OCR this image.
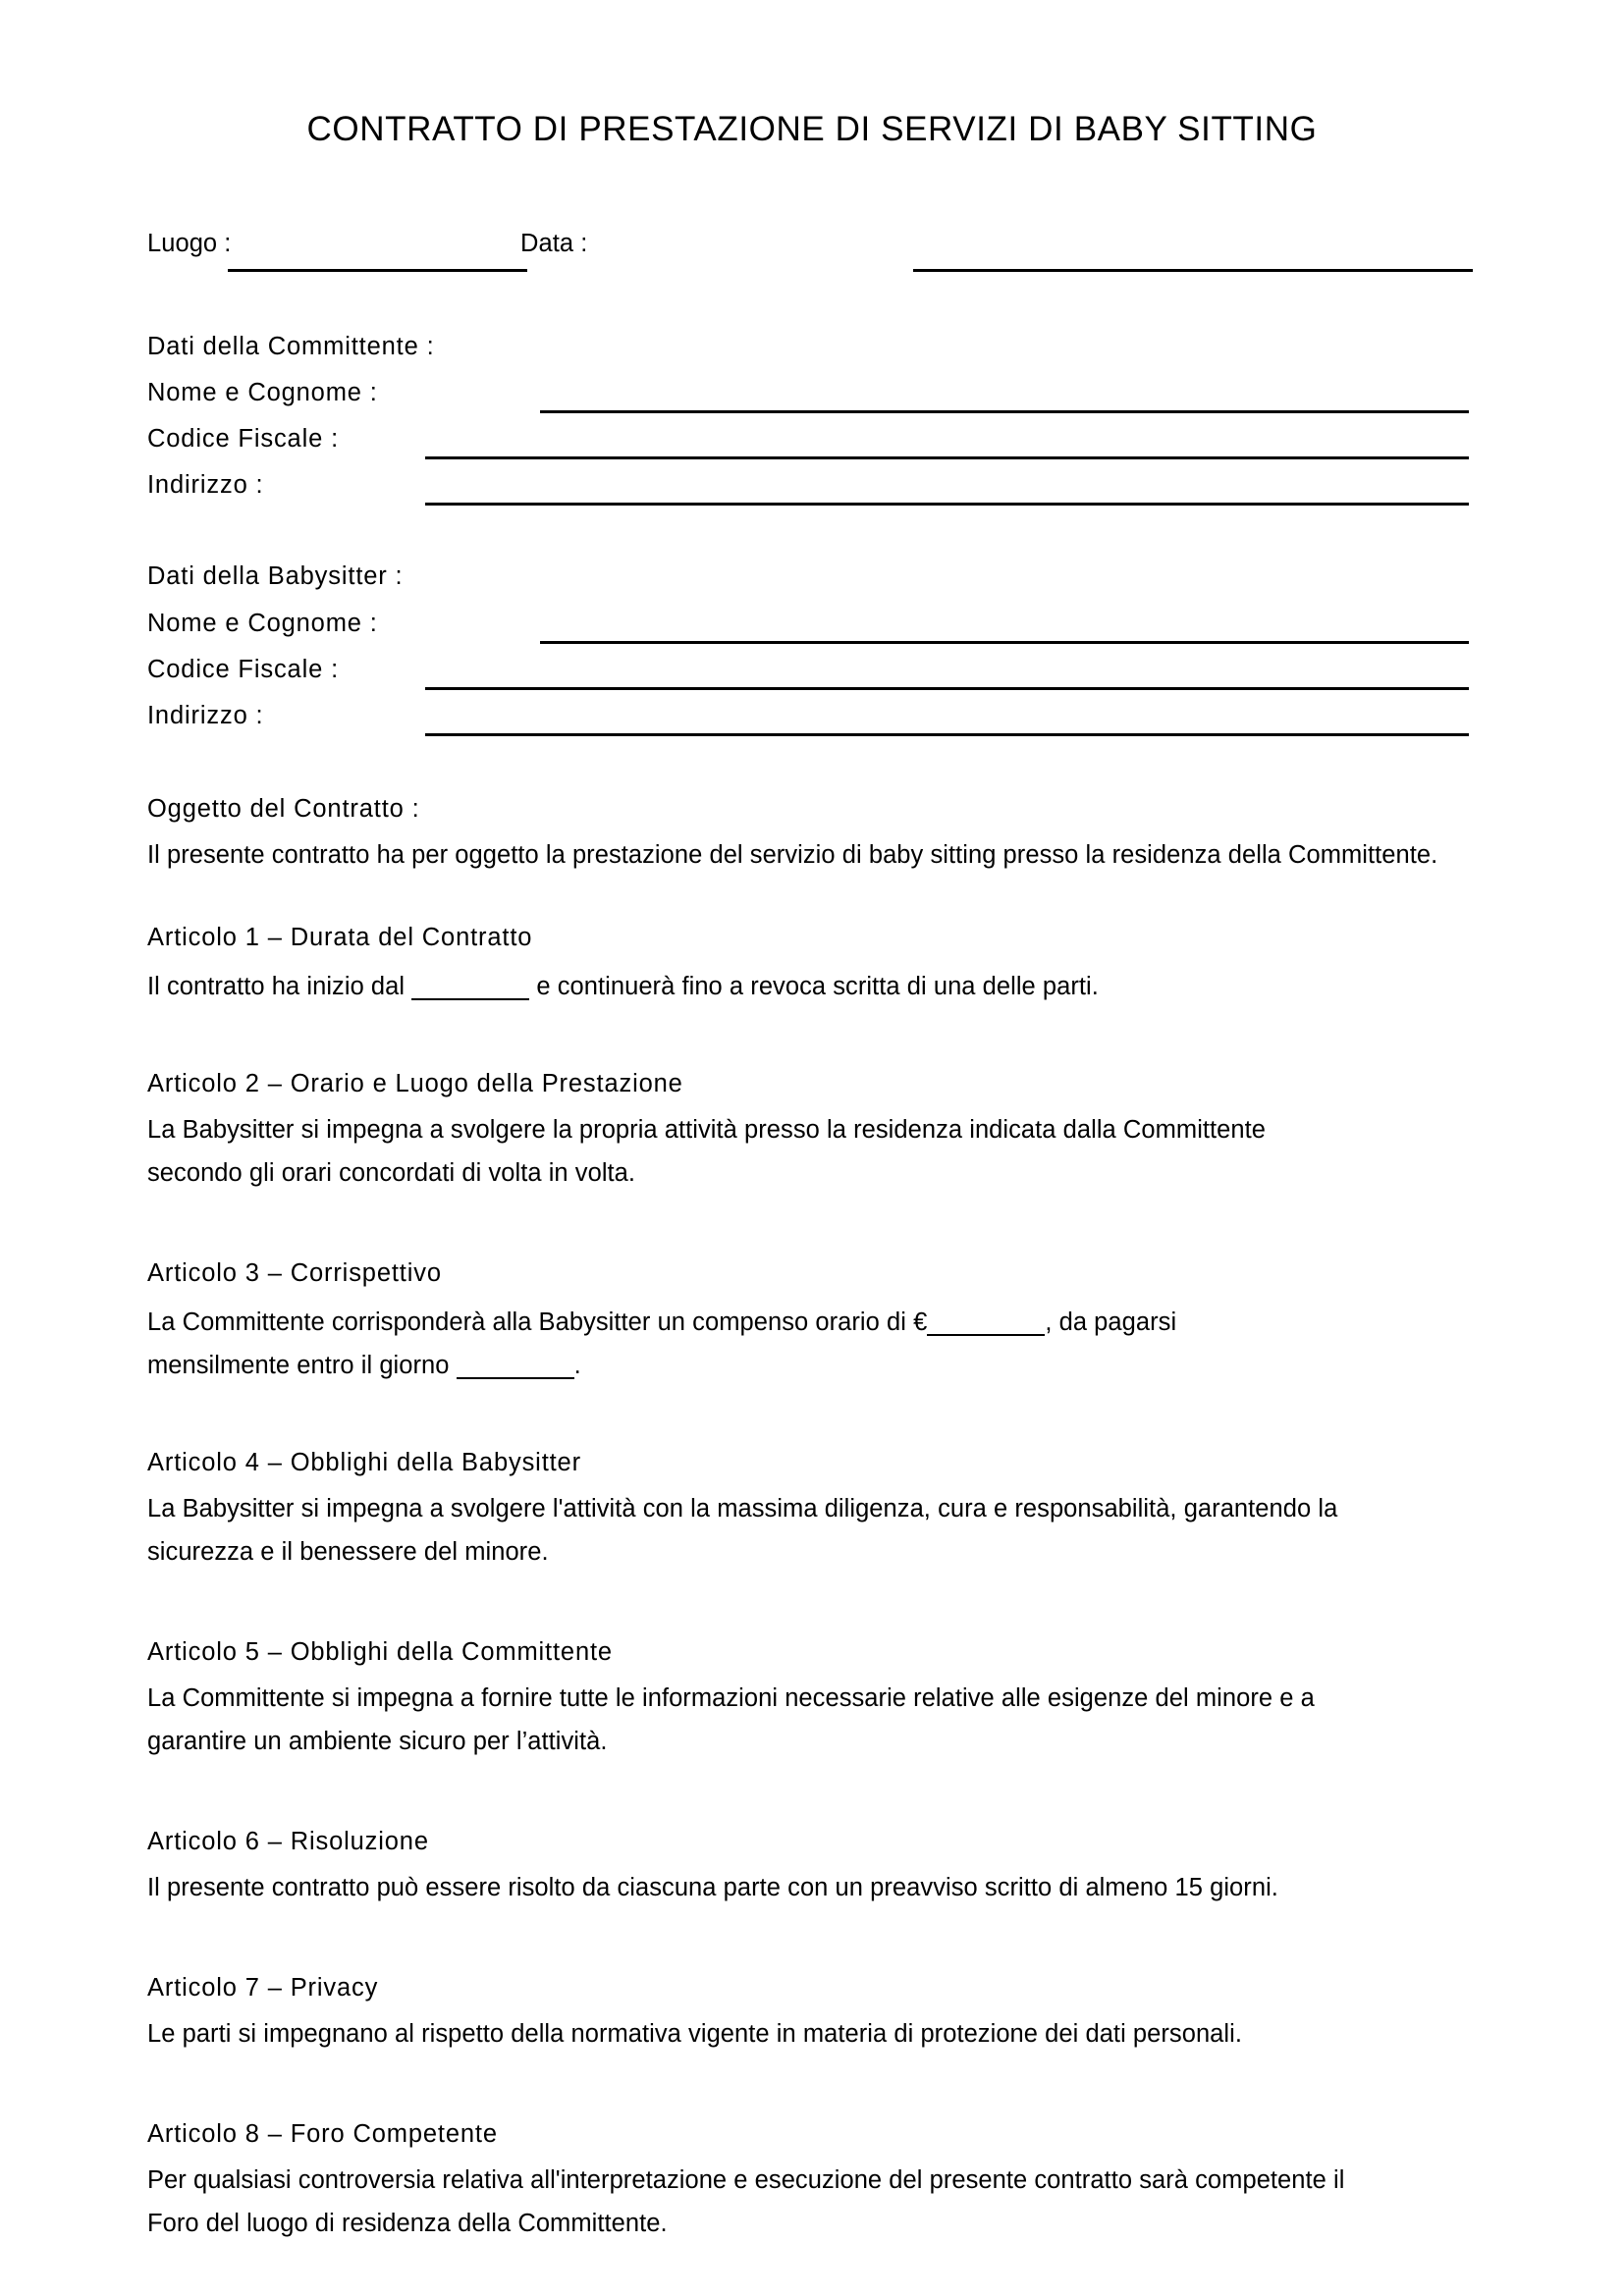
CONTRATTO DI PRESTAZIONE DI SERVIZI DI BABY SITTING
Luogo :	Data :
Dati della Committente :
Nome e Cognome :
Codice Fiscale :
Indirizzo :
Dati della Babysitter :
Nome e Cognome :
Codice Fiscale :
Indirizzo :
Oggetto del Contratto :
Il presente contratto ha per oggetto la prestazione del servizio di baby sitting presso la residenza della Committente.
Articolo 1 – Durata del Contratto
Il contratto ha inizio dal	e continuerà fino a revoca scritta di una delle parti.
Articolo 2 – Orario e Luogo della Prestazione
La Babysitter si impegna a svolgere la propria attività presso la residenza indicata dalla Committente
secondo gli orari concordati di volta in volta.
Articolo 3 – Corrispettivo
La Committente corrisponderà alla Babysitter un compenso orario di €	, da pagarsi
mensilmente entro il giorno	.
Articolo 4 – Obblighi della Babysitter
La Babysitter si impegna a svolgere l'attività con la massima diligenza, cura e responsabilità, garantendo la
sicurezza e il benessere del minore.
Articolo 5 – Obblighi della Committente
La Committente si impegna a fornire tutte le informazioni necessarie relative alle esigenze del minore e a
garantire un ambiente sicuro per l’attività.
Articolo 6 – Risoluzione
Il presente contratto può essere risolto da ciascuna parte con un preavviso scritto di almeno 15 giorni.
Articolo 7 – Privacy
Le parti si impegnano al rispetto della normativa vigente in materia di protezione dei dati personali.
Articolo 8 – Foro Competente
Per qualsiasi controversia relativa all'interpretazione e esecuzione del presente contratto sarà competente il
Foro del luogo di residenza della Committente.
